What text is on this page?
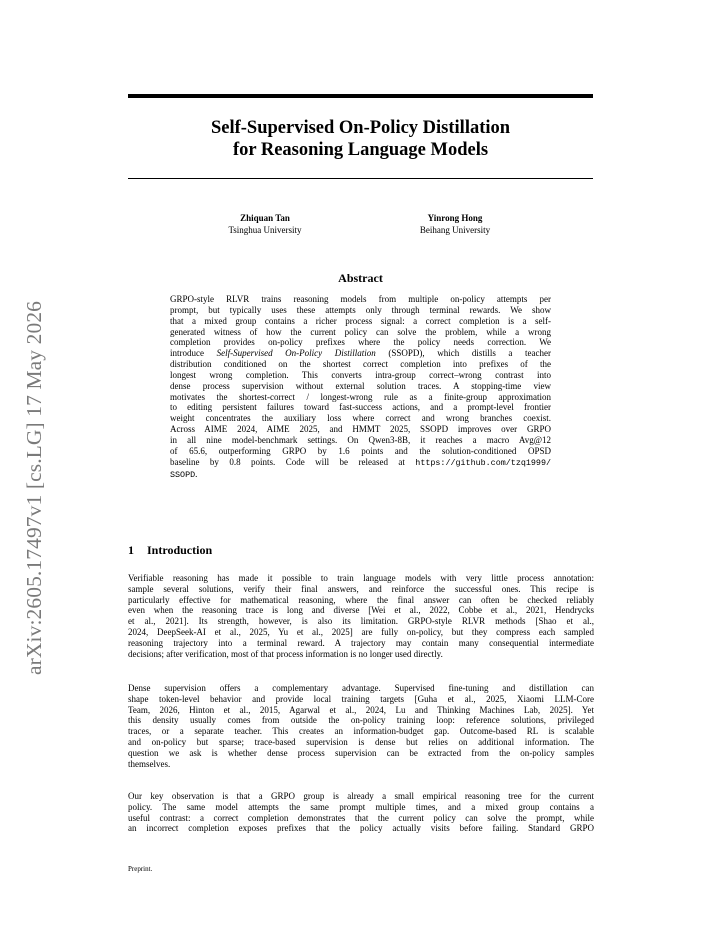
arXiv:2605.17497v1 [cs.LG] 17 May 2026
Self-Supervised On-Policy Distillation
for Reasoning Language Models
Zhiquan Tan
Tsinghua University
Yinrong Hong
Beihang University
Abstract
GRPO-style RLVR trains reasoning models from multiple on-policy attempts per
prompt, but typically uses these attempts only through terminal rewards. We show
that a mixed group contains a richer process signal: a correct completion is a self-
generated witness of how the current policy can solve the problem, while a wrong
completion provides on-policy prefixes where the policy needs correction. We
introduce Self-Supervised On-Policy Distillation (SSOPD), which distills a teacher
distribution conditioned on the shortest correct completion into prefixes of the
longest wrong completion. This converts intra-group correct–wrong contrast into
dense process supervision without external solution traces. A stopping-time view
motivates the shortest-correct / longest-wrong rule as a finite-group approximation
to editing persistent failures toward fast-success actions, and a prompt-level frontier
weight concentrates the auxiliary loss where correct and wrong branches coexist.
Across AIME 2024, AIME 2025, and HMMT 2025, SSOPD improves over GRPO
in all nine model-benchmark settings. On Qwen3-8B, it reaches a macro Avg@12
of 65.6, outperforming GRPO by 1.6 points and the solution-conditioned OPSD
baseline by 0.8 points. Code will be released at https://github.com/tzq1999/
SSOPD.
1 Introduction
Verifiable reasoning has made it possible to train language models with very little process annotation:
sample several solutions, verify their final answers, and reinforce the successful ones. This recipe is
particularly effective for mathematical reasoning, where the final answer can often be checked reliably
even when the reasoning trace is long and diverse [Wei et al., 2022, Cobbe et al., 2021, Hendrycks
et al., 2021]. Its strength, however, is also its limitation. GRPO-style RLVR methods [Shao et al.,
2024, DeepSeek-AI et al., 2025, Yu et al., 2025] are fully on-policy, but they compress each sampled
reasoning trajectory into a terminal reward. A trajectory may contain many consequential intermediate
decisions; after verification, most of that process information is no longer used directly.
Dense supervision offers a complementary advantage. Supervised fine-tuning and distillation can
shape token-level behavior and provide local training targets [Guha et al., 2025, Xiaomi LLM-Core
Team, 2026, Hinton et al., 2015, Agarwal et al., 2024, Lu and Thinking Machines Lab, 2025]. Yet
this density usually comes from outside the on-policy training loop: reference solutions, privileged
traces, or a separate teacher. This creates an information-budget gap. Outcome-based RL is scalable
and on-policy but sparse; trace-based supervision is dense but relies on additional information. The
question we ask is whether dense process supervision can be extracted from the on-policy samples
themselves.
Our key observation is that a GRPO group is already a small empirical reasoning tree for the current
policy. The same model attempts the same prompt multiple times, and a mixed group contains a
useful contrast: a correct completion demonstrates that the current policy can solve the prompt, while
an incorrect completion exposes prefixes that the policy actually visits before failing. Standard GRPO
Preprint.
